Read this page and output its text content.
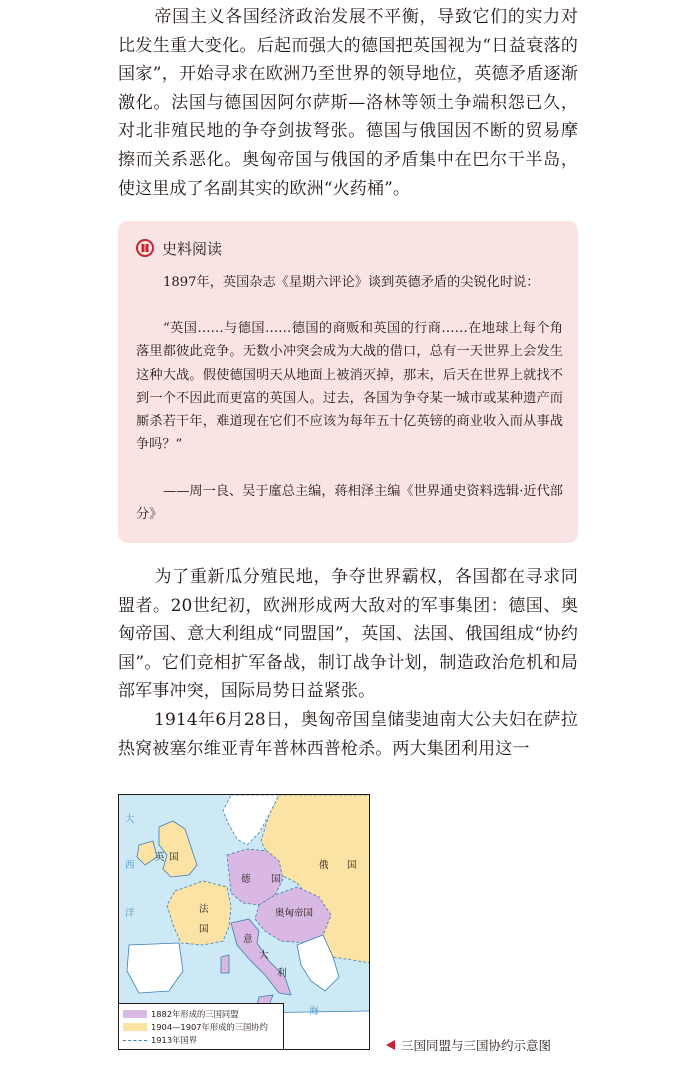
帝国主义各国经济政治发展不平衡，导致它们的实力对比发生重大变化。后起而强大的德国把英国视为“日益衰落的国家”，开始寻求在欧洲乃至世界的领导地位，英德矛盾逐渐激化。法国与德国因阿尔萨斯—洛林等领土争端积怨已久，对北非殖民地的争夺剑拔弩张。德国与俄国因不断的贸易摩擦而关系恶化。奥匈帝国与俄国的矛盾集中在巴尔干半岛，使这里成了名副其实的欧洲“火药桶”。

史料阅读

1897年，英国杂志《星期六评论》谈到英德矛盾的尖锐化时说：

“英国……与德国……德国的商贩和英国的行商……在地球上每个角落里都彼此竞争。无数小冲突会成为大战的借口，总有一天世界上会发生这种大战。假使德国明天从地面上被消灭掉，那末，后天在世界上就找不到一个不因此而更富的英国人。过去，各国为争夺某一城市或某种遗产而厮杀若干年，难道现在它们不应该为每年五十亿英镑的商业收入而从事战争吗？”

——周一良、吴于廑总主编，蒋相泽主编《世界通史资料选辑·近代部分》

为了重新瓜分殖民地，争夺世界霸权，各国都在寻求同盟者。20世纪初，欧洲形成两大敌对的军事集团：德国、奥匈帝国、意大利组成“同盟国”，英国、法国、俄国组成“协约国”。它们竞相扩军备战，制订战争计划，制造政治危机和局部军事冲突，国际局势日益紧张。

1914年6月28日，奥匈帝国皇储斐迪南大公夫妇在萨拉热窝被塞尔维亚青年普林西普枪杀。两大集团利用这一

大
西
洋
海
英 国
法
国
德 国
俄 国
奥匈帝国
意
大
利
1882年形成的三国同盟
1904—1907年形成的三国协约
1913年国界	三国同盟与三国协约示意图
